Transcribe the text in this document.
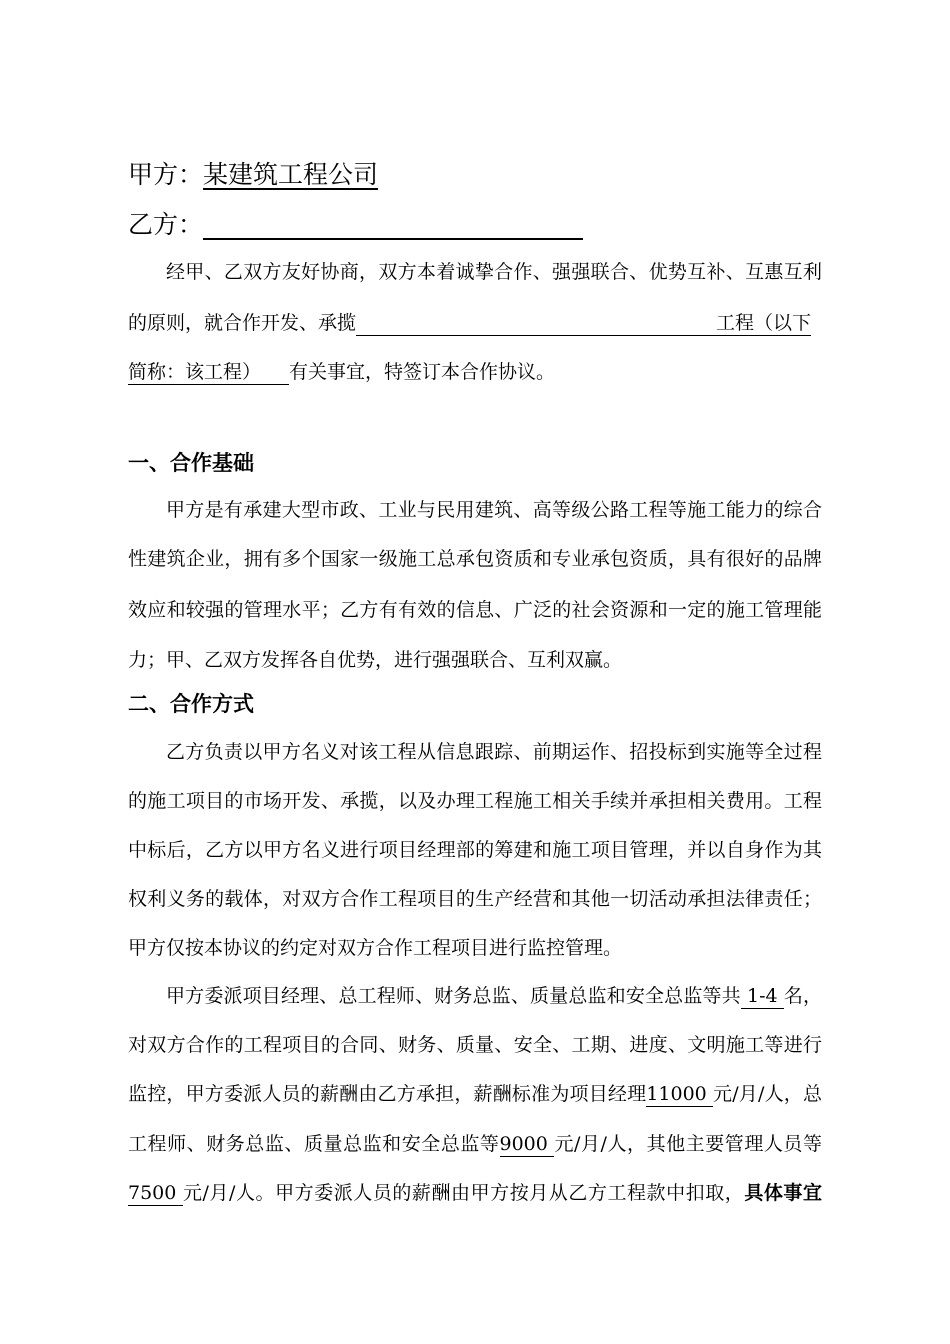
甲方：某建筑工程公司
乙方：
经甲、乙双方友好协商，双方本着诚挚合作、强强联合、优势互补、互惠互利
的原则，就合作开发、承揽	工程（以下
简称：该工程） 有关事宜，特签订本合作协议。
一、合作基础
甲方是有承建大型市政、工业与民用建筑、高等级公路工程等施工能力的综合
性建筑企业，拥有多个国家一级施工总承包资质和专业承包资质，具有很好的品牌
效应和较强的管理水平；乙方有有效的信息、广泛的社会资源和一定的施工管理能
力；甲、乙双方发挥各自优势，进行强强联合、互利双赢。
二、合作方式
乙方负责以甲方名义对该工程从信息跟踪、前期运作、招投标到实施等全过程
的施工项目的市场开发、承揽，以及办理工程施工相关手续并承担相关费用。工程
中标后，乙方以甲方名义进行项目经理部的筹建和施工项目管理，并以自身作为其
权利义务的载体，对双方合作工程项目的生产经营和其他一切活动承担法律责任；
甲方仅按本协议的约定对双方合作工程项目进行监控管理。
甲方委派项目经理、总工程师、财务总监、质量总监和安全总监等共 1-4 名，
对双方合作的工程项目的合同、财务、质量、安全、工期、进度、文明施工等进行
监控，甲方委派人员的薪酬由乙方承担，薪酬标准为项目经理11000 元/月/人，总
工程师、财务总监、质量总监和安全总监等9000 元/月/人，其他主要管理人员等
7500 元/月/人。甲方委派人员的薪酬由甲方按月从乙方工程款中扣取，具体事宜
